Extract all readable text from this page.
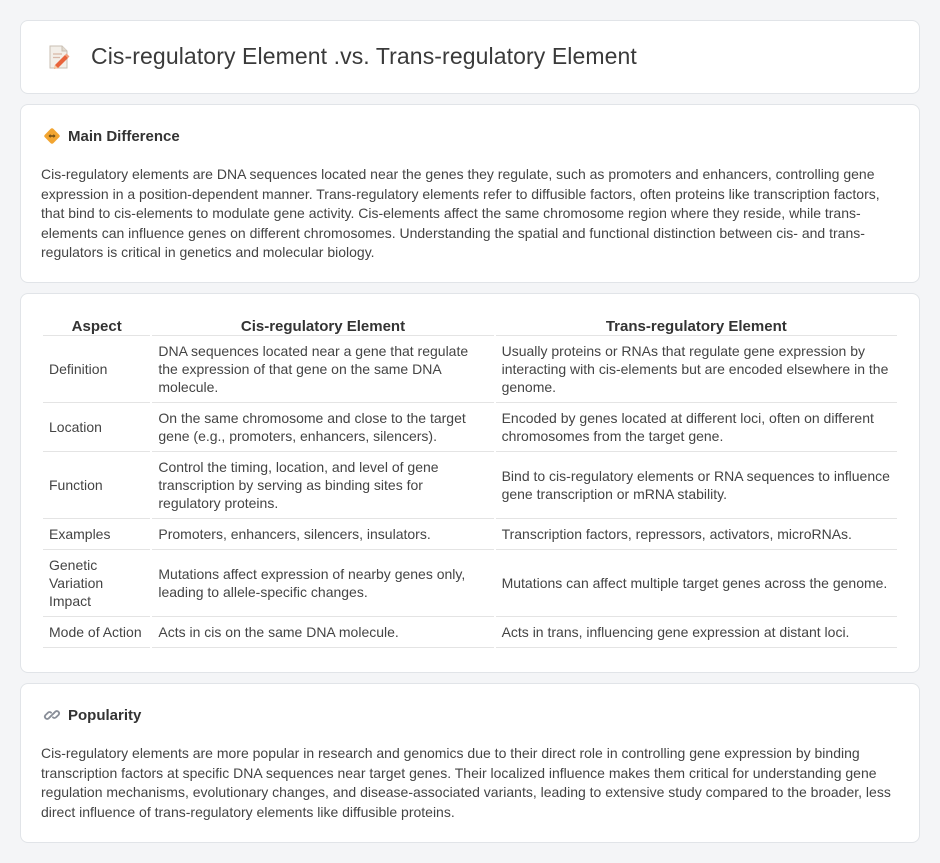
Cis-regulatory Element .vs. Trans-regulatory Element
Main Difference

Cis-regulatory elements are DNA sequences located near the genes they regulate, such as promoters and enhancers, controlling gene expression in a position-dependent manner. Trans-regulatory elements refer to diffusible factors, often proteins like transcription factors, that bind to cis-elements to modulate gene activity. Cis-elements affect the same chromosome region where they reside, while trans-elements can influence genes on different chromosomes. Understanding the spatial and functional distinction between cis- and trans-regulators is critical in genetics and molecular biology.

Aspect	Cis-regulatory Element	Trans-regulatory Element
Definition	DNA sequences located near a gene that regulate the expression of that gene on the same DNA molecule.	Usually proteins or RNAs that regulate gene expression by interacting with cis-elements but are encoded elsewhere in the genome.
Location	On the same chromosome and close to the target gene (e.g., promoters, enhancers, silencers).	Encoded by genes located at different loci, often on different chromosomes from the target gene.
Function	Control the timing, location, and level of gene transcription by serving as binding sites for regulatory proteins.	Bind to cis-regulatory elements or RNA sequences to influence gene transcription or mRNA stability.
Examples	Promoters, enhancers, silencers, insulators.	Transcription factors, repressors, activators, microRNAs.
Genetic Variation Impact	Mutations affect expression of nearby genes only, leading to allele-specific changes.	Mutations can affect multiple target genes across the genome.
Mode of Action	Acts in cis on the same DNA molecule.	Acts in trans, influencing gene expression at distant loci.
Popularity

Cis-regulatory elements are more popular in research and genomics due to their direct role in controlling gene expression by binding transcription factors at specific DNA sequences near target genes. Their localized influence makes them critical for understanding gene regulation mechanisms, evolutionary changes, and disease-associated variants, leading to extensive study compared to the broader, less direct influence of trans-regulatory elements like diffusible proteins.
